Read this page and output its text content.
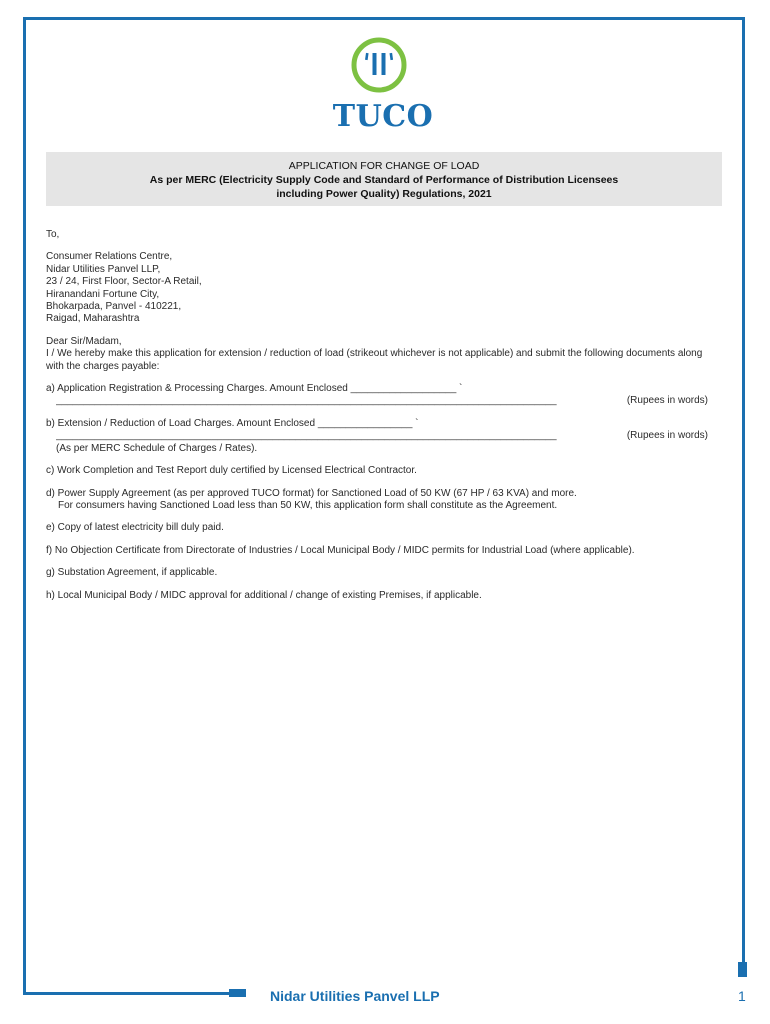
TUCO
APPLICATION FOR CHANGE OF LOAD
As per MERC (Electricity Supply Code and Standard of Performance of Distribution Licensees
including Power Quality) Regulations, 2021

To,

Consumer Relations Centre,

Nidar Utilities Panvel LLP,

23 / 24, First Floor, Sector-A Retail,

Hiranandani Fortune City,

Bhokarpada, Panvel - 410221,

Raigad, Maharashtra

Dear Sir/Madam,

I / We hereby make this application for extension / reduction of load (strikeout whichever is not applicable) and submit the following documents along with the charges payable:

a) Application Registration & Processing Charges. Amount Enclosed ___________________ `

__________________________________________________________________________________________	(Rupees in words)

b) Extension / Reduction of Load Charges. Amount Enclosed _________________ `

__________________________________________________________________________________________	(Rupees in words)

(As per MERC Schedule of Charges / Rates).

c) Work Completion and Test Report duly certified by Licensed Electrical Contractor.

d) Power Supply Agreement (as per approved TUCO format) for Sanctioned Load of 50 KW (67 HP / 63 KVA) and more.

For consumers having Sanctioned Load less than 50 KW, this application form shall constitute as the Agreement.

e) Copy of latest electricity bill duly paid.

f) No Objection Certificate from Directorate of Industries / Local Municipal Body / MIDC permits for Industrial Load (where applicable).

g) Substation Agreement, if applicable.

h) Local Municipal Body / MIDC approval for additional / change of existing Premises, if applicable.

Nidar Utilities Panvel LLP	1
